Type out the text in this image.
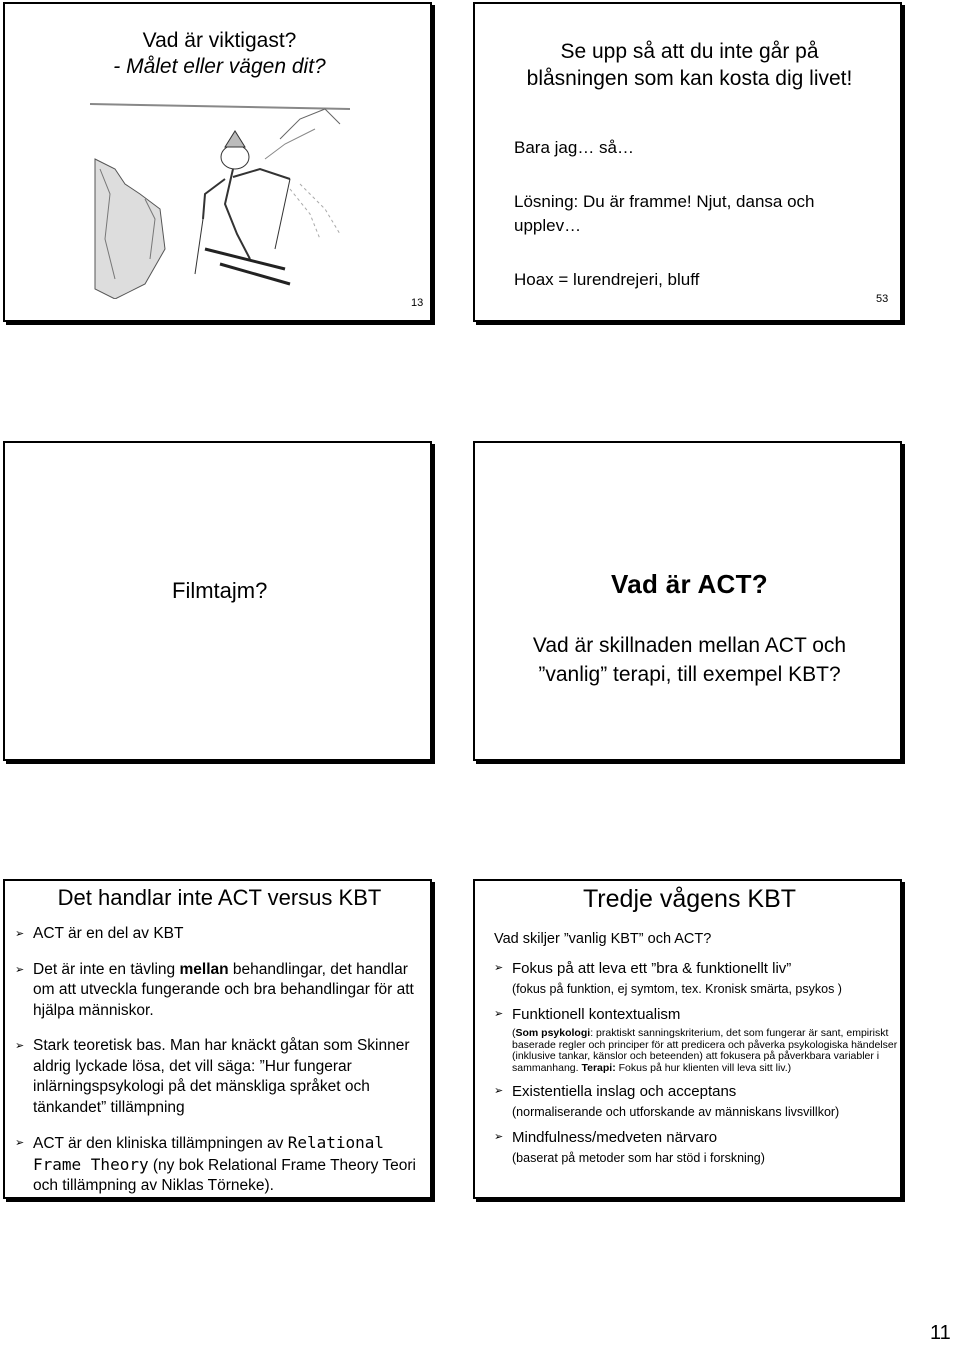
Vad är viktigast?
- Målet eller vägen dit?
13
Se upp så att du inte går på
blåsningen som kan kosta dig livet!
Bara jag… så…
Lösning: Du är framme! Njut, dansa och
upplev…
Hoax = lurendrejeri, bluff
53
Filmtajm?	Vad är ACT?
Vad är skillnaden mellan ACT och
”vanlig” terapi, till exempel KBT?
Det handlar inte ACT versus KBT
➢ ACT är en del av KBT
➢ Det är inte en tävling mellan behandlingar, det handlar om att utveckla fungerande och bra behandlingar för att hjälpa människor.
➢ Stark teoretisk bas. Man har knäckt gåtan som Skinner aldrig lyckade lösa, det vill säga: ”Hur fungerar inlärningspsykologi på det mänskliga språket och tänkandet” tillämpning
➢ ACT är den kliniska tillämpningen av Relational Frame Theory (ny bok Relational Frame Theory Teori och tillämpning av Niklas Törneke).
Tredje vågens KBT
Vad skiljer ”vanlig KBT” och ACT?
➢ Fokus på att leva ett ”bra & funktionellt liv”
(fokus på funktion, ej symtom, tex. Kronisk smärta, psykos )
➢ Funktionell kontextualism
(Som psykologi: praktiskt sanningskriterium, det som fungerar är sant, empiriskt baserade regler och principer för att predicera och påverka psykologiska händelser (inklusive tankar, känslor och beteenden) att fokusera på påverkbara variabler i sammanhang. Terapi: Fokus på hur klienten vill leva sitt liv.)
➢ Existentiella inslag och acceptans
(normaliserande och utforskande av människans livsvillkor)
➢ Mindfulness/medveten närvaro
(baserat på metoder som har stöd i forskning)
11
